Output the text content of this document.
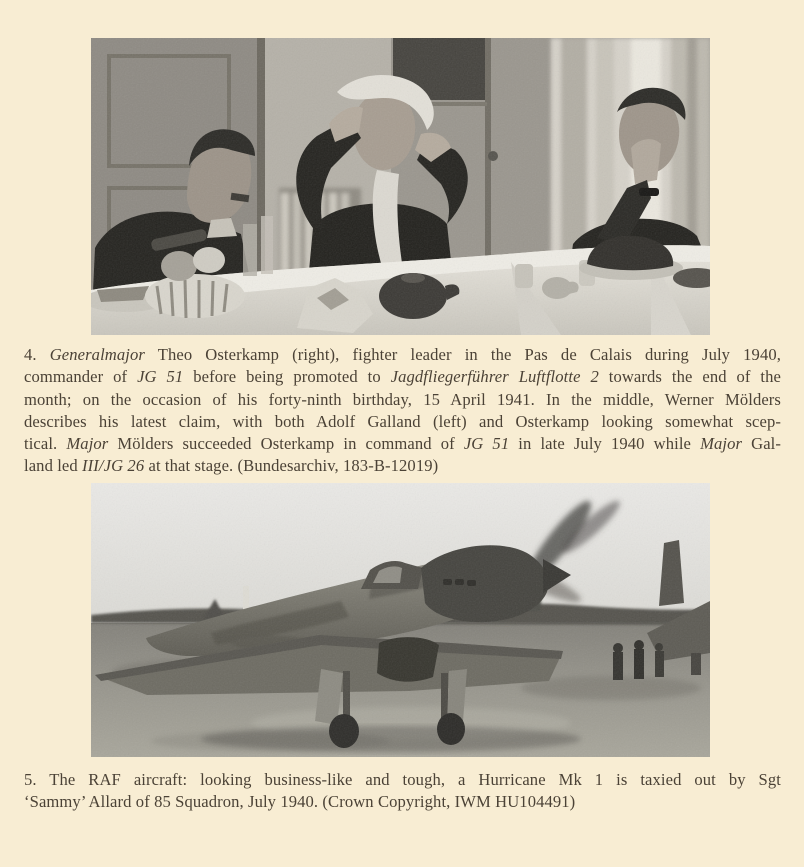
4. Generalmajor Theo Osterkamp (right), fighter leader in the Pas de Calais during July 1940,
commander of JG 51 before being promoted to Jagdfliegerführer Luftflotte 2 towards the end of the
month; on the occasion of his forty-ninth birthday, 15 April 1941. In the middle, Werner Mölders
describes his latest claim, with both Adolf Galland (left) and Osterkamp looking somewhat scep-
tical. Major Mölders succeeded Osterkamp in command of JG 51 in late July 1940 while Major Gal-
land led III/JG 26 at that stage. (Bundesarchiv, 183-B-12019)
5. The RAF aircraft: looking business-like and tough, a Hurricane Mk 1 is taxied out by Sgt
‘Sammy’ Allard of 85 Squadron, July 1940. (Crown Copyright, IWM HU104491)
